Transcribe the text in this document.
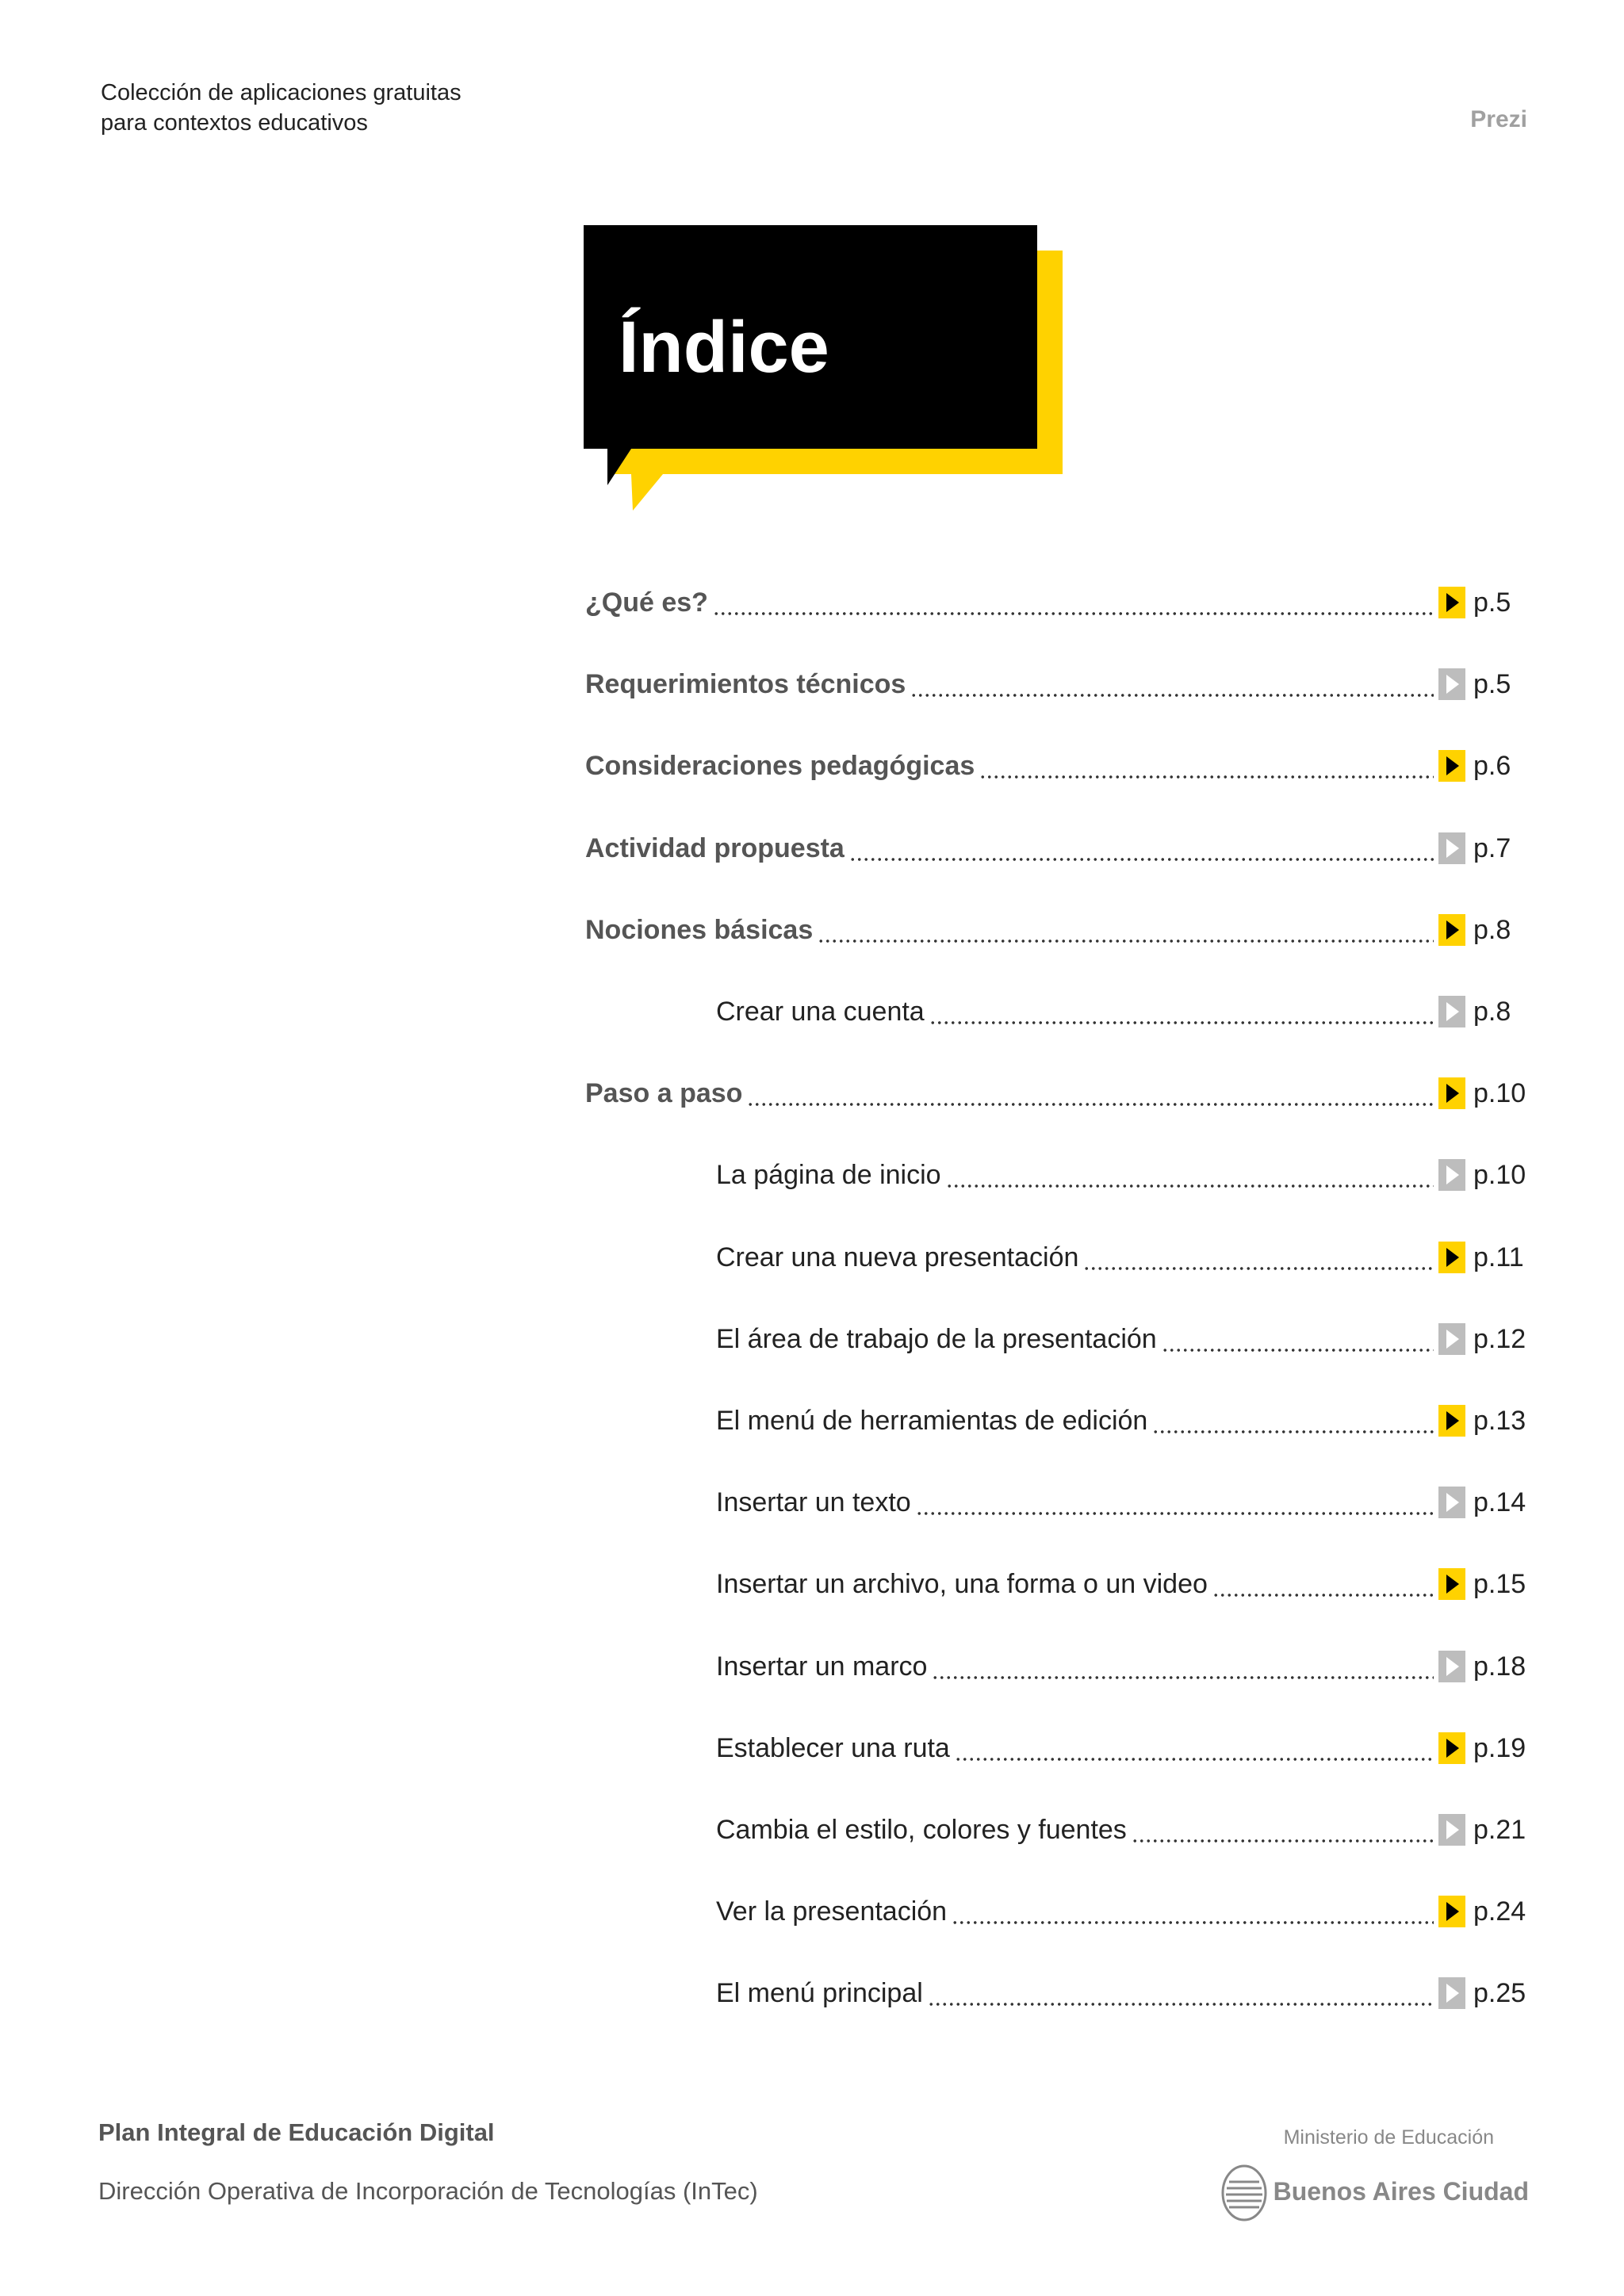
Colección de aplicaciones gratuitas
para contextos educativos	Prezi
Índice
¿Qué es?	p.5
Requerimientos técnicos	p.5
Consideraciones pedagógicas	p.6
Actividad propuesta	p.7
Nociones básicas	p.8
Crear una cuenta	p.8
Paso a paso	p.10
La página de inicio	p.10
Crear una nueva presentación	p.11
El área de trabajo de la presentación	p.12
El menú de herramientas de edición	p.13
Insertar un texto	p.14
Insertar un archivo, una forma o un video	p.15
Insertar un marco	p.18
Establecer una ruta	p.19
Cambia el estilo, colores y fuentes	p.21
Ver la presentación	p.24
El menú principal	p.25
Plan Integral de Educación Digital
Dirección Operativa de Incorporación de Tecnologías (InTec)
Ministerio de Educación
Buenos Aires Ciudad
